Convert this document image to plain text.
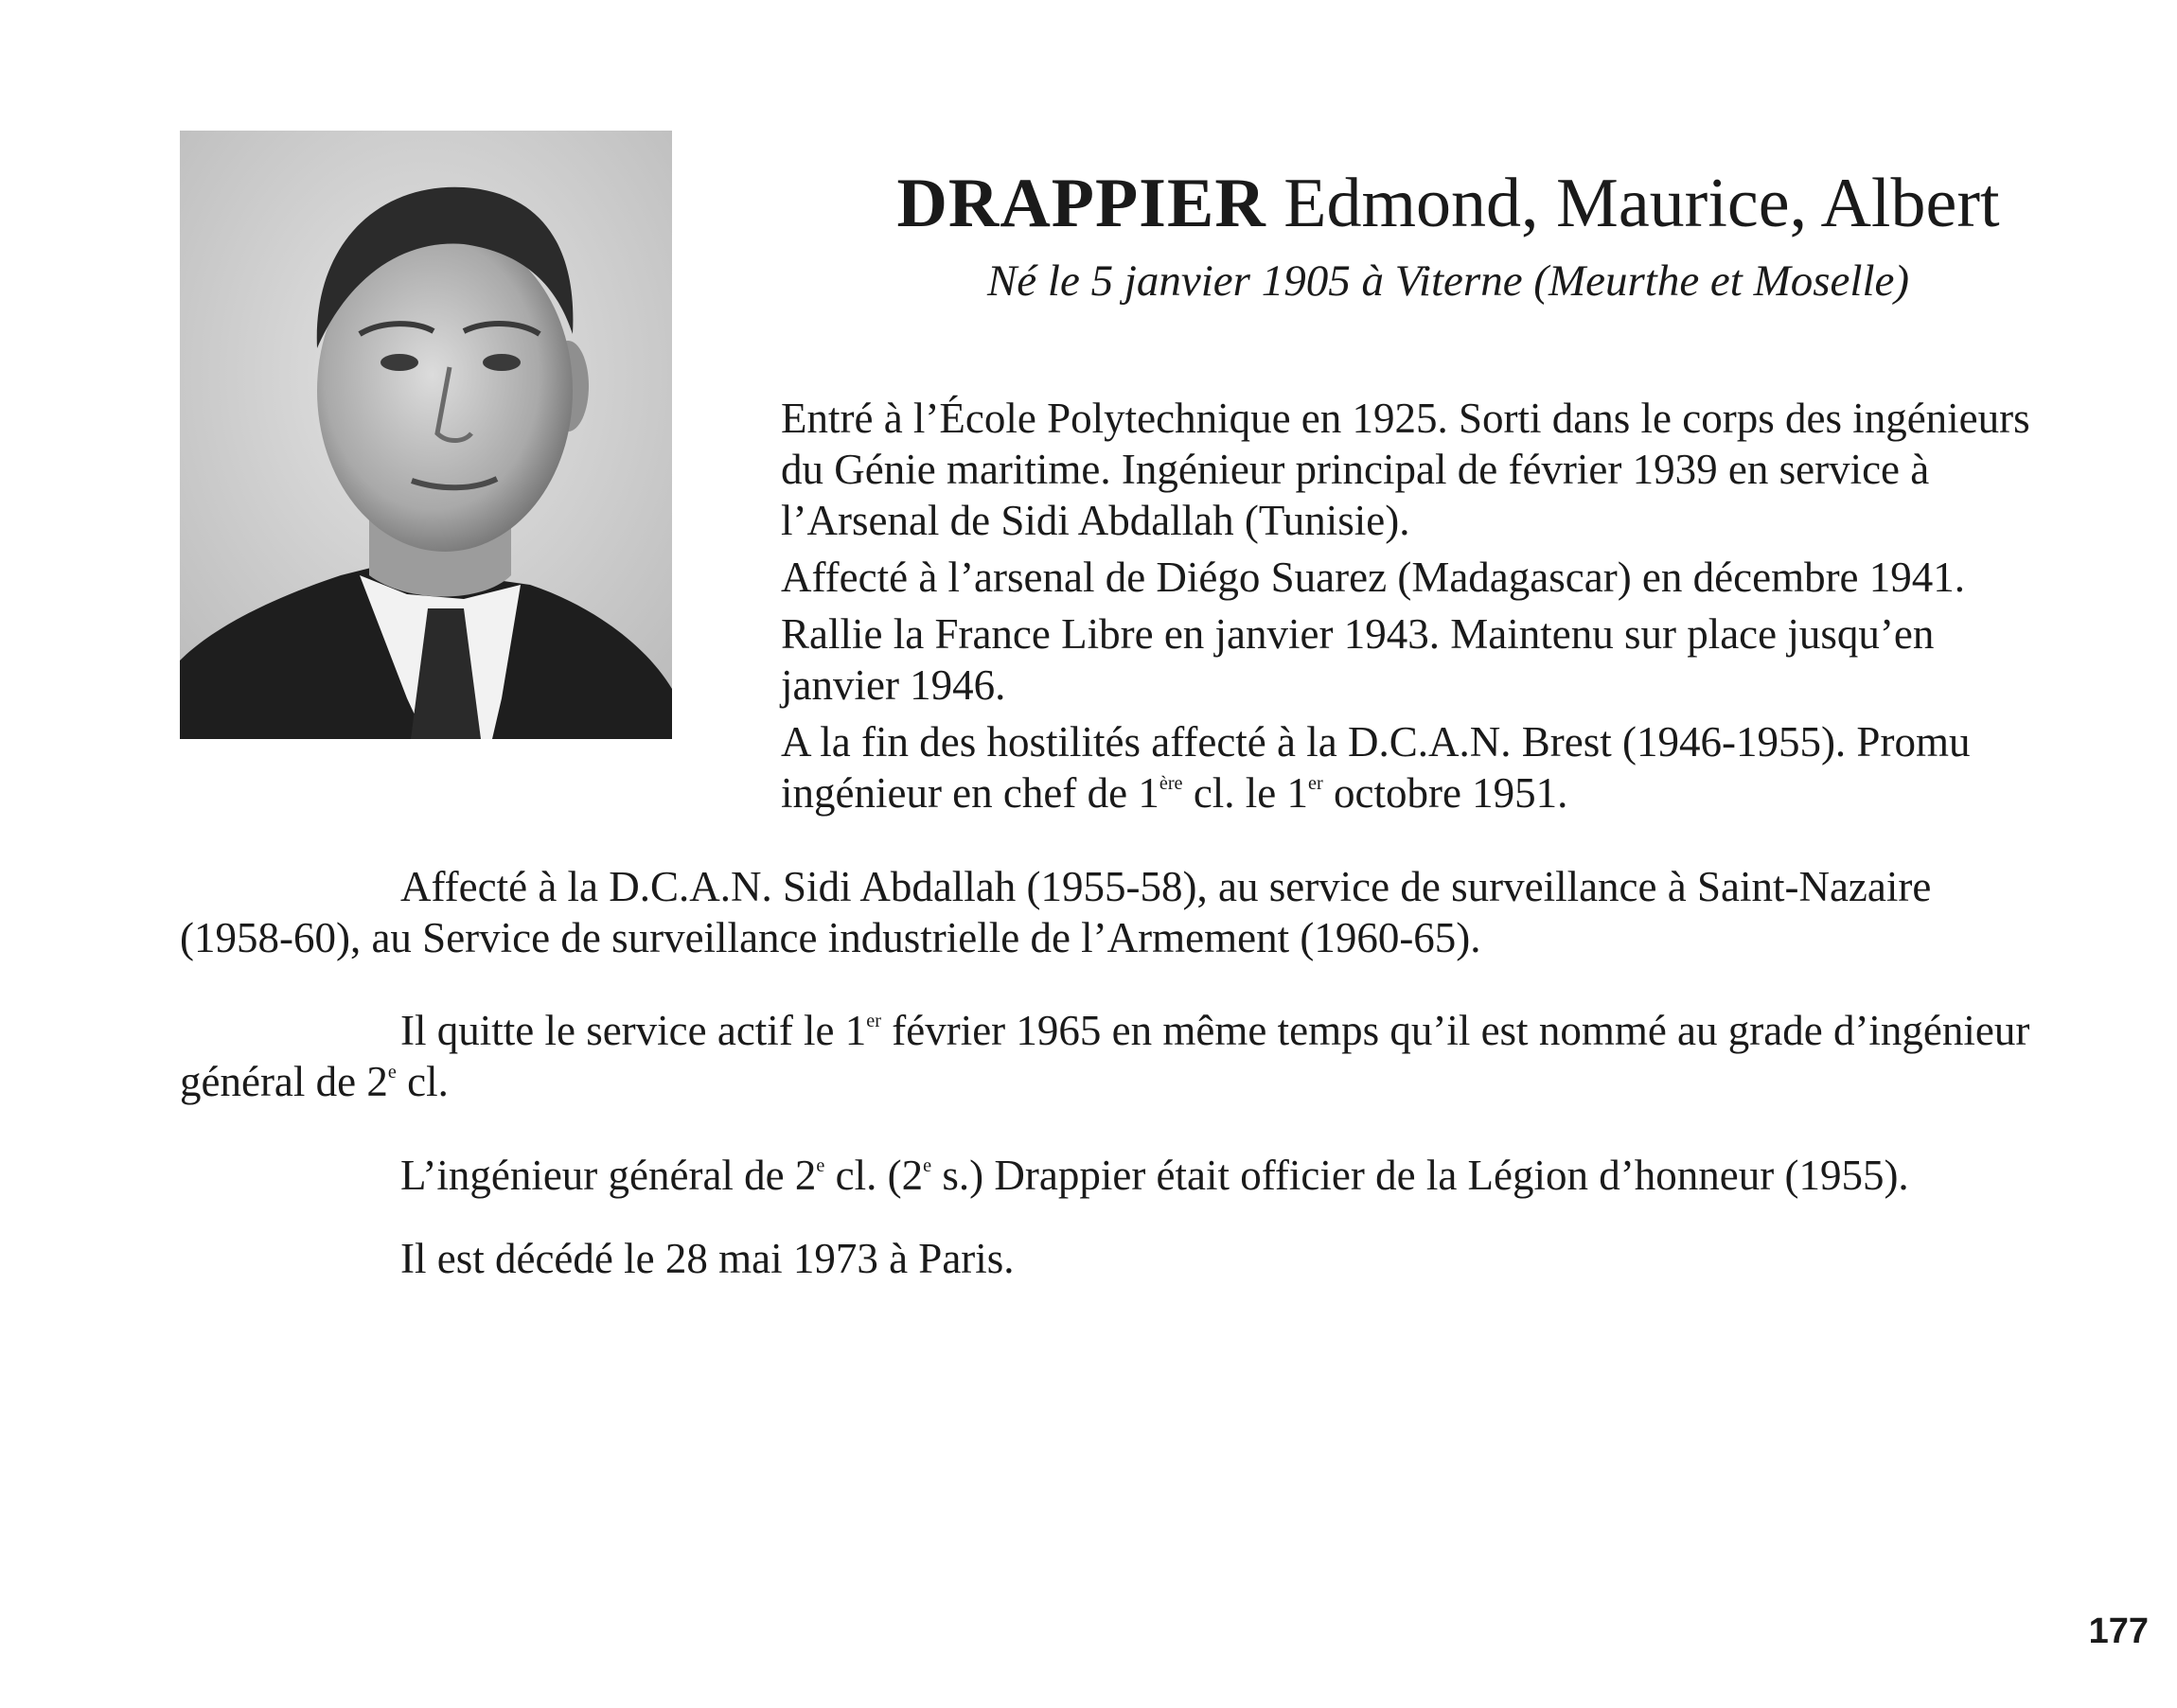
DRAPPIER Edmond, Maurice, Albert
Né le 5 janvier 1905 à Viterne (Meurthe et Moselle)

Entré à l’École Polytechnique en 1925. Sorti dans le corps des ingénieurs du Génie maritime. Ingénieur principal de février 1939 en service à l’Arsenal de Sidi Abdallah (Tunisie).

Affecté à l’arsenal de Diégo Suarez (Madagascar) en décembre 1941.

Rallie la France Libre en janvier 1943. Maintenu sur place jusqu’en janvier 1946.

A la fin des hostilités affecté à la D.C.A.N. Brest (1946-1955). Promu ingénieur en chef de 1ère cl. le 1er octobre 1951.

Affecté à la D.C.A.N. Sidi Abdallah (1955-58), au service de surveillance à Saint-Nazaire (1958-60), au Service de surveillance industrielle de l’Armement (1960-65).

Il quitte le service actif le 1er février 1965 en même temps qu’il est nommé au grade d’ingénieur général de 2e cl.

L’ingénieur général de 2e cl. (2e s.) Drappier était officier de la Légion d’honneur (1955).

Il est décédé le 28 mai 1973 à Paris.

177
